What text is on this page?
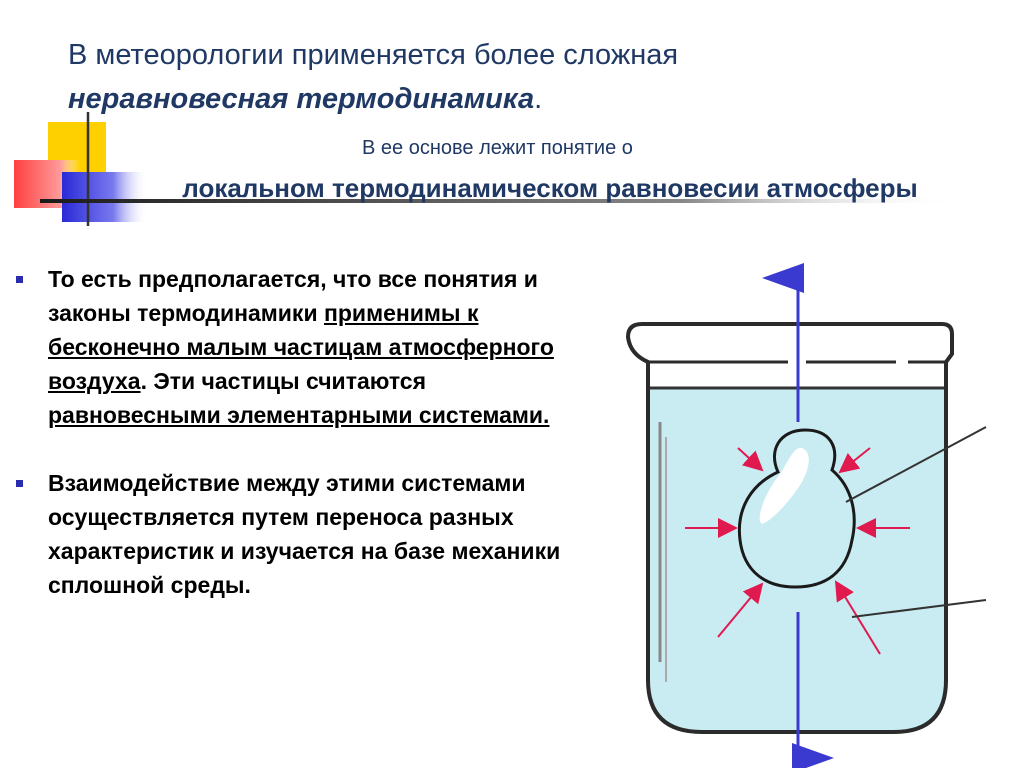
В метеорологии применяется более сложная
неравновесная термодинамика.
В ее основе лежит понятие о
локальном термодинамическом равновесии атмосферы
То есть предполагается, что все понятия и законы термодинамики применимы к бесконечно малым частицам атмосферного воздуха. Эти частицы считаются равновесными элементарными системами.
Взаимодействие между этими системами осуществляется путем переноса разных характеристик и изучается на базе механики сплошной среды.
